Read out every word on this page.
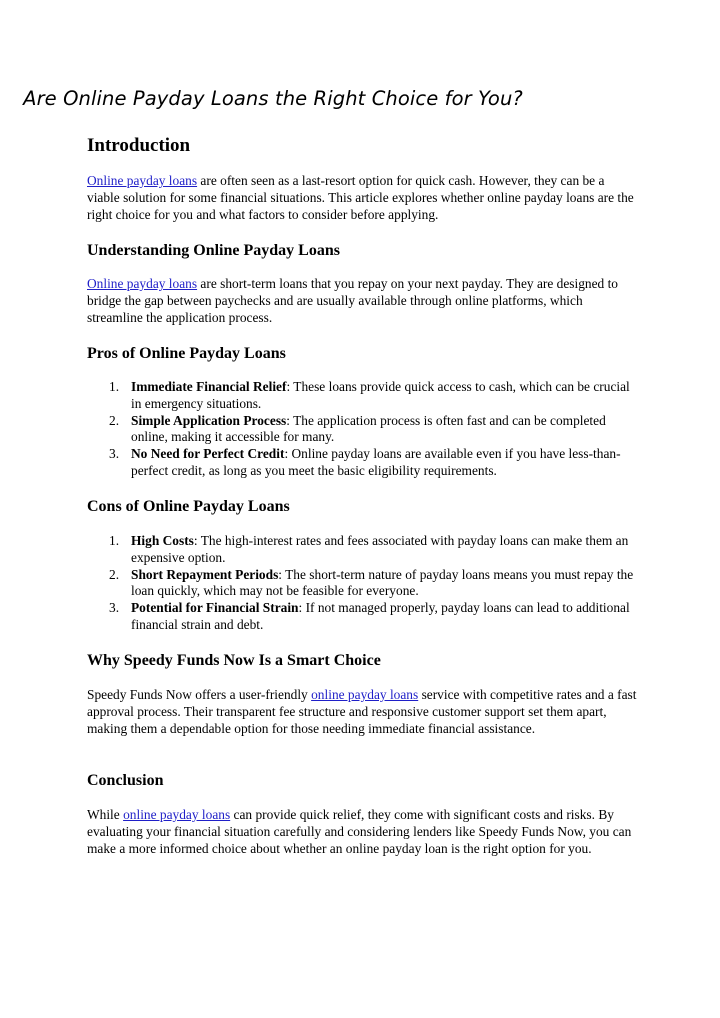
Are Online Payday Loans the Right Choice for You?
Introduction

Online payday loans are often seen as a last-resort option for quick cash. However, they can be a viable solution for some financial situations. This article explores whether online payday loans are the right choice for you and what factors to consider before applying.

Understanding Online Payday Loans

Online payday loans are short-term loans that you repay on your next payday. They are designed to bridge the gap between paychecks and are usually available through online platforms, which streamline the application process.

Pros of Online Payday Loans
1. Immediate Financial Relief: These loans provide quick access to cash, which can be crucial in emergency situations.
2. Simple Application Process: The application process is often fast and can be completed online, making it accessible for many.
3. No Need for Perfect Credit: Online payday loans are available even if you have less-than-perfect credit, as long as you meet the basic eligibility requirements.
Cons of Online Payday Loans
1. High Costs: The high-interest rates and fees associated with payday loans can make them an expensive option.
2. Short Repayment Periods: The short-term nature of payday loans means you must repay the loan quickly, which may not be feasible for everyone.
3. Potential for Financial Strain: If not managed properly, payday loans can lead to additional financial strain and debt.
Why Speedy Funds Now Is a Smart Choice

Speedy Funds Now offers a user-friendly online payday loans service with competitive rates and a fast approval process. Their transparent fee structure and responsive customer support set them apart, making them a dependable option for those needing immediate financial assistance.

Conclusion

While online payday loans can provide quick relief, they come with significant costs and risks. By evaluating your financial situation carefully and considering lenders like Speedy Funds Now, you can make a more informed choice about whether an online payday loan is the right option for you.
